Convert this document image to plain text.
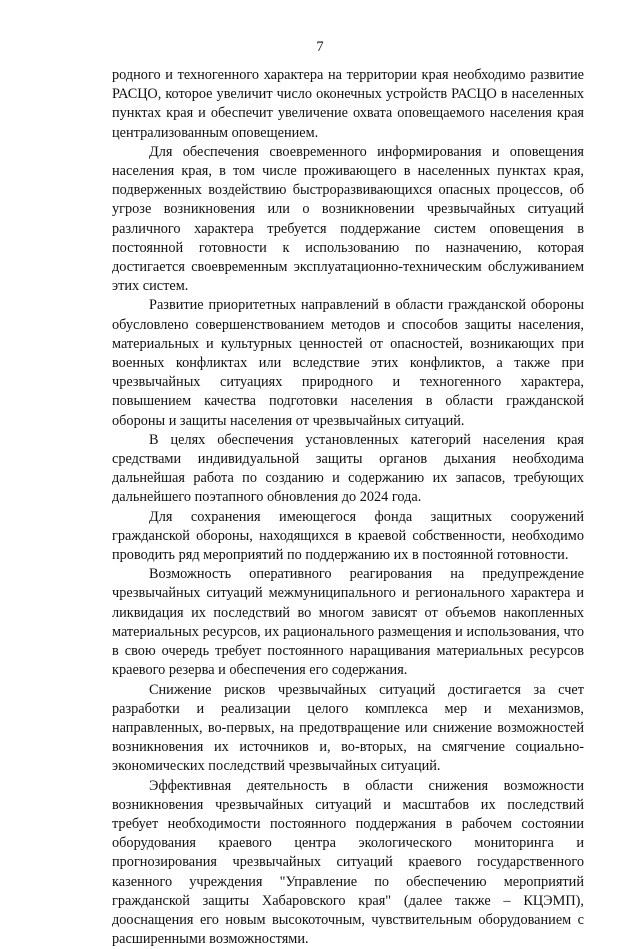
7

родного и техногенного характера на территории края необходимо развитие РАСЦО, которое увеличит число оконечных устройств РАСЦО в населенных пунктах края и обеспечит увеличение охвата оповещаемого населения края централизованным оповещением.

Для обеспечения своевременного информирования и оповещения населения края, в том числе проживающего в населенных пунктах края, подверженных воздействию быстроразвивающихся опасных процессов, об угрозе возникновения или о возникновении чрезвычайных ситуаций различного характера требуется поддержание систем оповещения в постоянной готовности к использованию по назначению, которая достигается своевременным эксплуатационно-техническим обслуживанием этих систем.

Развитие приоритетных направлений в области гражданской обороны обусловлено совершенствованием методов и способов защиты населения, материальных и культурных ценностей от опасностей, возникающих при военных конфликтах или вследствие этих конфликтов, а также при чрезвычайных ситуациях природного и техногенного характера, повышением качества подготовки населения в области гражданской обороны и защиты населения от чрезвычайных ситуаций.

В целях обеспечения установленных категорий населения края средствами индивидуальной защиты органов дыхания необходима дальнейшая работа по созданию и содержанию их запасов, требующих дальнейшего поэтапного обновления до 2024 года.

Для сохранения имеющегося фонда защитных сооружений гражданской обороны, находящихся в краевой собственности, необходимо проводить ряд мероприятий по поддержанию их в постоянной готовности.

Возможность оперативного реагирования на предупреждение чрезвычайных ситуаций межмуниципального и регионального характера и ликвидация их последствий во многом зависят от объемов накопленных материальных ресурсов, их рационального размещения и использования, что в свою очередь требует постоянного наращивания материальных ресурсов краевого резерва и обеспечения его содержания.

Снижение рисков чрезвычайных ситуаций достигается за счет разработки и реализации целого комплекса мер и механизмов, направленных, во-первых, на предотвращение или снижение возможностей возникновения их источников и, во-вторых, на смягчение социально-экономических последствий чрезвычайных ситуаций.

Эффективная деятельность в области снижения возможности возникновения чрезвычайных ситуаций и масштабов их последствий требует необходимости постоянного поддержания в рабочем состоянии оборудования краевого центра экологического мониторинга и прогнозирования чрезвычайных ситуаций краевого государственного казенного учреждения "Управление по обеспечению мероприятий гражданской защиты Хабаровского края" (далее также – КЦЭМП), дооснащения его новым высокоточным, чувствительным оборудованием с расширенными возможностями.
